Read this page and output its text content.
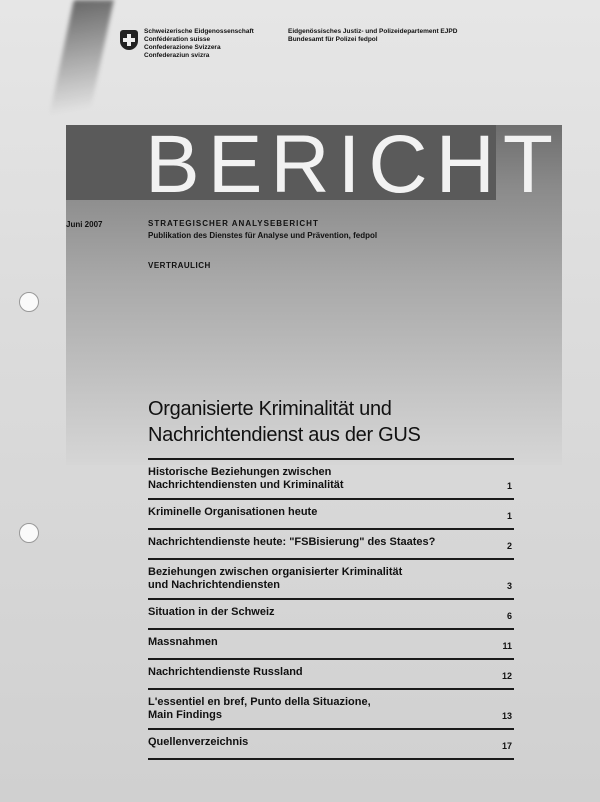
Schweizerische Eidgenossenschaft
Confédération suisse
Confederazione Svizzera
Confederaziun svizra
Eidgenössisches Justiz- und Polizeidepartement EJPD
Bundesamt für Polizei fedpol
BERICHT
Juni 2007	STRATEGISCHER ANALYSEBERICHT
Publikation des Dienstes für Analyse und Prävention, fedpol
VERTRAULICH
Organisierte Kriminalität und
Nachrichtendienst aus der GUS
Historische Beziehungen zwischen
Nachrichtendiensten und Kriminalität	1
Kriminelle Organisationen heute	1
Nachrichtendienste heute: "FSBisierung" des Staates?	2
Beziehungen zwischen organisierter Kriminalität
und Nachrichtendiensten	3
Situation in der Schweiz	6
Massnahmen	11
Nachrichtendienste Russland	12
L'essentiel en bref, Punto della Situazione,
Main Findings	13
Quellenverzeichnis	17
